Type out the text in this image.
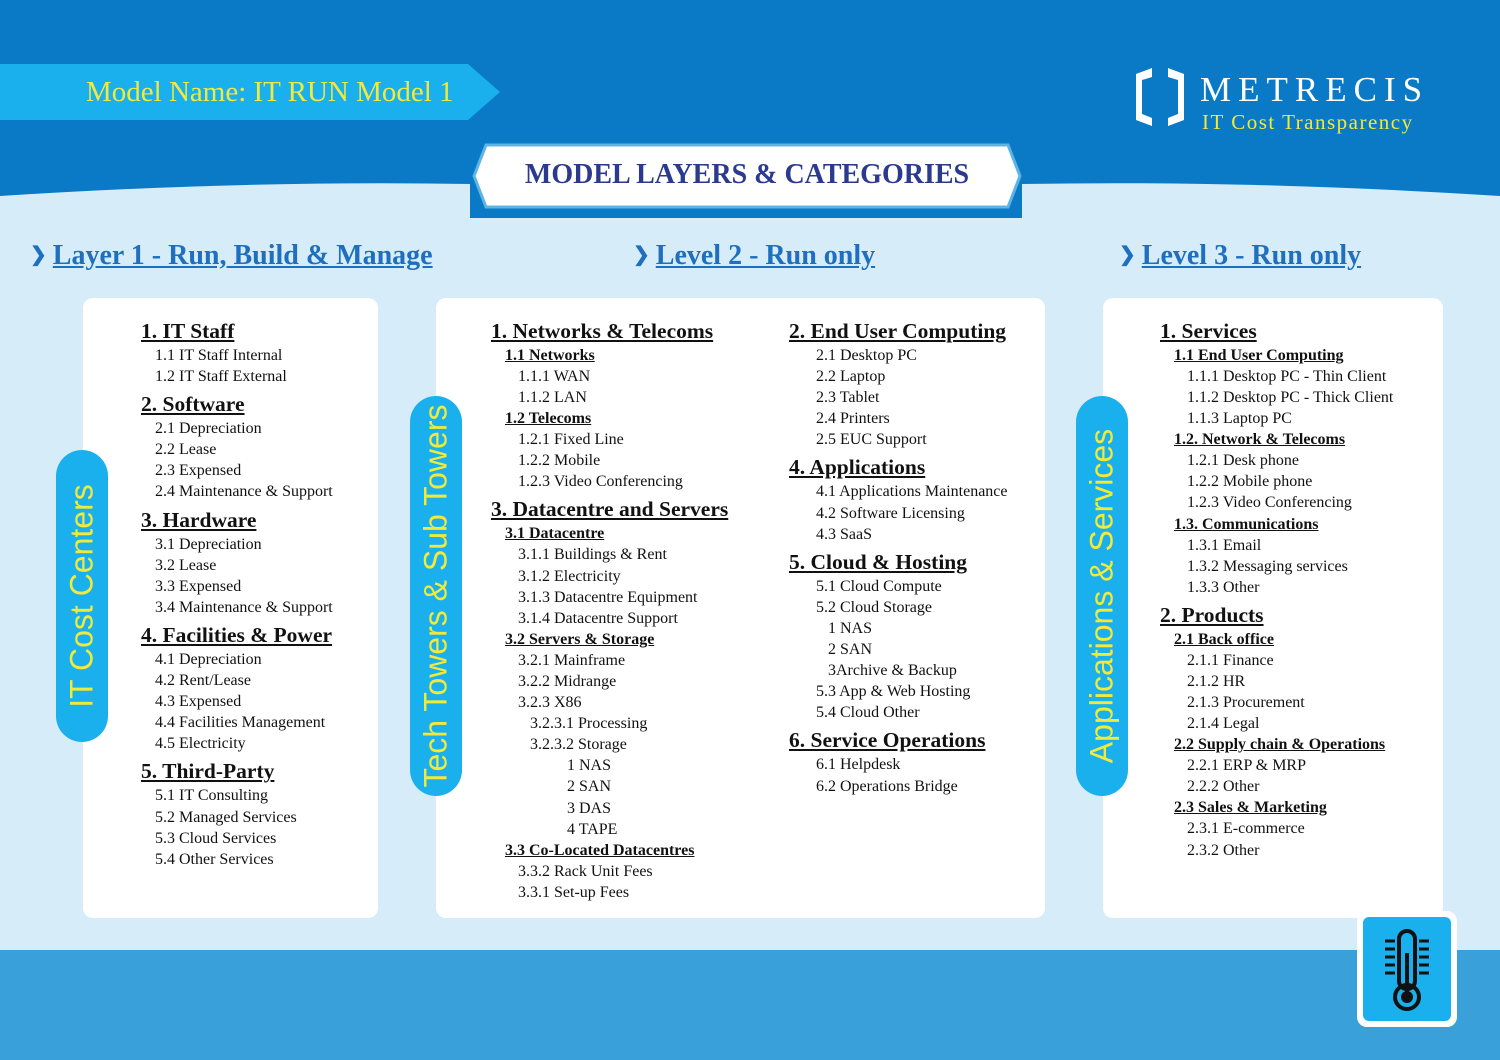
Model Name: IT RUN Model 1	METRECIS
IT Cost Transparency
MODEL LAYERS & CATEGORIES
❯ Layer 1 - Run, Build & Manage	❯ Level 2 - Run only	❯ Level 3 - Run only
IT Cost Centers	Tech Towers & Sub Towers	Applications & Services
1. IT Staff
1.1 IT Staff Internal
1.2 IT Staff External
2. Software
2.1 Depreciation
2.2 Lease
2.3 Expensed
2.4 Maintenance & Support
3. Hardware
3.1 Depreciation
3.2 Lease
3.3 Expensed
3.4 Maintenance & Support
4. Facilities & Power
4.1 Depreciation
4.2 Rent/Lease
4.3 Expensed
4.4 Facilities Management
4.5 Electricity
5. Third-Party
5.1 IT Consulting
5.2 Managed Services
5.3 Cloud Services
5.4 Other Services
1. Networks & Telecoms
1.1 Networks
1.1.1 WAN
1.1.2 LAN
1.2 Telecoms
1.2.1 Fixed Line
1.2.2 Mobile
1.2.3 Video Conferencing
3. Datacentre and Servers
3.1 Datacentre
3.1.1 Buildings & Rent
3.1.2 Electricity
3.1.3 Datacentre Equipment
3.1.4 Datacentre Support
3.2 Servers & Storage
3.2.1 Mainframe
3.2.2 Midrange
3.2.3 X86
3.2.3.1 Processing
3.2.3.2 Storage
1 NAS
2 SAN
3 DAS
4 TAPE
3.3 Co-Located Datacentres
3.3.2 Rack Unit Fees
3.3.1 Set-up Fees
2. End User Computing
2.1 Desktop PC
2.2 Laptop
2.3 Tablet
2.4 Printers
2.5 EUC Support
4. Applications
4.1 Applications Maintenance
4.2 Software Licensing
4.3 SaaS
5. Cloud & Hosting
5.1 Cloud Compute
5.2 Cloud Storage
1 NAS
2 SAN
3Archive & Backup
5.3 App & Web Hosting
5.4 Cloud Other
6. Service Operations
6.1 Helpdesk
6.2 Operations Bridge
1. Services
1.1 End User Computing
1.1.1 Desktop PC - Thin Client
1.1.2 Desktop PC - Thick Client
1.1.3 Laptop PC
1.2. Network & Telecoms
1.2.1 Desk phone
1.2.2 Mobile phone
1.2.3 Video Conferencing
1.3. Communications
1.3.1 Email
1.3.2 Messaging services
1.3.3 Other
2. Products
2.1 Back office
2.1.1 Finance
2.1.2 HR
2.1.3 Procurement
2.1.4 Legal
2.2 Supply chain & Operations
2.2.1 ERP & MRP
2.2.2 Other
2.3 Sales & Marketing
2.3.1 E-commerce
2.3.2 Other
